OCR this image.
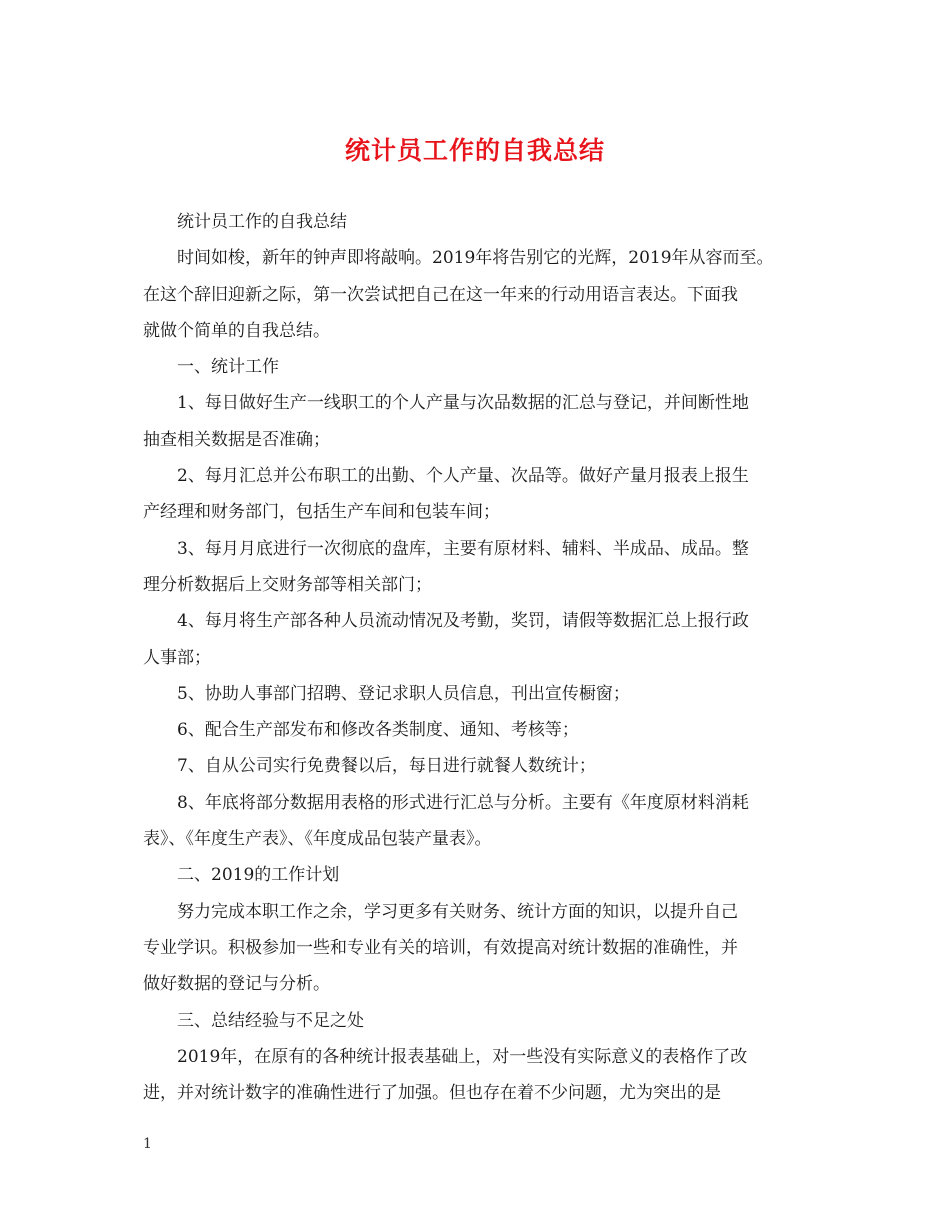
统计员工作的自我总结
统计员工作的自我总结
时间如梭，新年的钟声即将敲响。2019年将告别它的光辉，2019年从容而至。
在这个辞旧迎新之际，第一次尝试把自己在这一年来的行动用语言表达。下面我
就做个简单的自我总结。
一、统计工作
1、每日做好生产一线职工的个人产量与次品数据的汇总与登记，并间断性地
抽查相关数据是否准确；
2、每月汇总并公布职工的出勤、个人产量、次品等。做好产量月报表上报生
产经理和财务部门，包括生产车间和包装车间；
3、每月月底进行一次彻底的盘库，主要有原材料、辅料、半成品、成品。整
理分析数据后上交财务部等相关部门；
4、每月将生产部各种人员流动情况及考勤，奖罚，请假等数据汇总上报行政
人事部；
5、协助人事部门招聘、登记求职人员信息，刊出宣传橱窗；
6、配合生产部发布和修改各类制度、通知、考核等；
7、自从公司实行免费餐以后，每日进行就餐人数统计；
8、年底将部分数据用表格的形式进行汇总与分析。主要有《年度原材料消耗
表》、《年度生产表》、《年度成品包装产量表》。
二、2019的工作计划
努力完成本职工作之余，学习更多有关财务、统计方面的知识，以提升自己
专业学识。积极参加一些和专业有关的培训，有效提高对统计数据的准确性，并
做好数据的登记与分析。
三、总结经验与不足之处
2019年，在原有的各种统计报表基础上，对一些没有实际意义的表格作了改
进，并对统计数字的准确性进行了加强。但也存在着不少问题，尤为突出的是
1
